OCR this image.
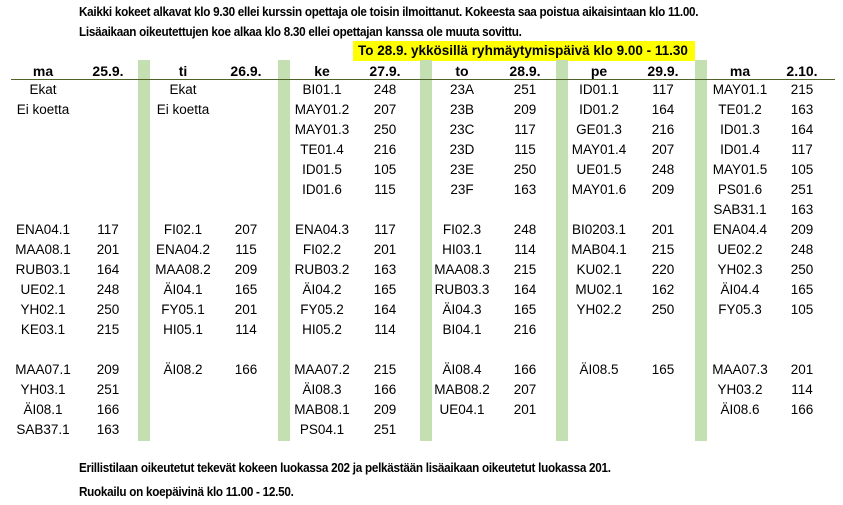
Kaikki kokeet alkavat klo 9.30 ellei kurssin opettaja ole toisin ilmoittanut. Kokeesta saa poistua aikaisintaan klo 11.00.
Lisäaikaan oikeutettujen koe alkaa klo 8.30 ellei opettajan kanssa ole muuta sovittu.
To 28.9. ykkösillä ryhmäytymispäivä klo 9.00 - 11.30
ma	25.9.
Ekat
Ei koetta
ENA04.1	117
MAA08.1	201
RUB03.1	164
UE02.1	248
YH02.1	250
KE03.1	215
MAA07.1	209
YH03.1	251
ÄI08.1	166
SAB37.1	163
ti	26.9.
Ekat
Ei koetta
FI02.1	207
ENA04.2	115
MAA08.2	209
ÄI04.1	165
FY05.1	201
HI05.1	114
ÄI08.2	166
ke	27.9.
BI01.1	248
MAY01.2	207
MAY01.3	250
TE01.4	216
ID01.5	105
ID01.6	115
ENA04.3	117
FI02.2	201
RUB03.2	163
ÄI04.2	165
FY05.2	164
HI05.2	114
MAA07.2	215
ÄI08.3	166
MAB08.1	209
PS04.1	251
to	28.9.
23A	251
23B	209
23C	117
23D	115
23E	250
23F	163
FI02.3	248
HI03.1	114
MAA08.3	215
RUB03.3	164
ÄI04.3	165
BI04.1	216
ÄI08.4	166
MAB08.2	207
UE04.1	201
pe	29.9.
ID01.1	117
ID01.2	164
GE01.3	216
MAY01.4	207
UE01.5	248
MAY01.6	209
BI0203.1	201
MAB04.1	215
KU02.1	220
MU02.1	162
YH02.2	250
ÄI08.5	165
ma	2.10.
MAY01.1	215
TE01.2	163
ID01.3	164
ID01.4	117
MAY01.5	105
PS01.6	251
SAB31.1	163
ENA04.4	209
UE02.2	248
YH02.3	250
ÄI04.4	165
FY05.3	105
MAA07.3	201
YH03.2	114
ÄI08.6	166
Erillistilaan oikeutetut tekevät kokeen luokassa 202 ja pelkästään lisäaikaan oikeutetut luokassa 201.
Ruokailu on koepäivinä klo 11.00 - 12.50.
